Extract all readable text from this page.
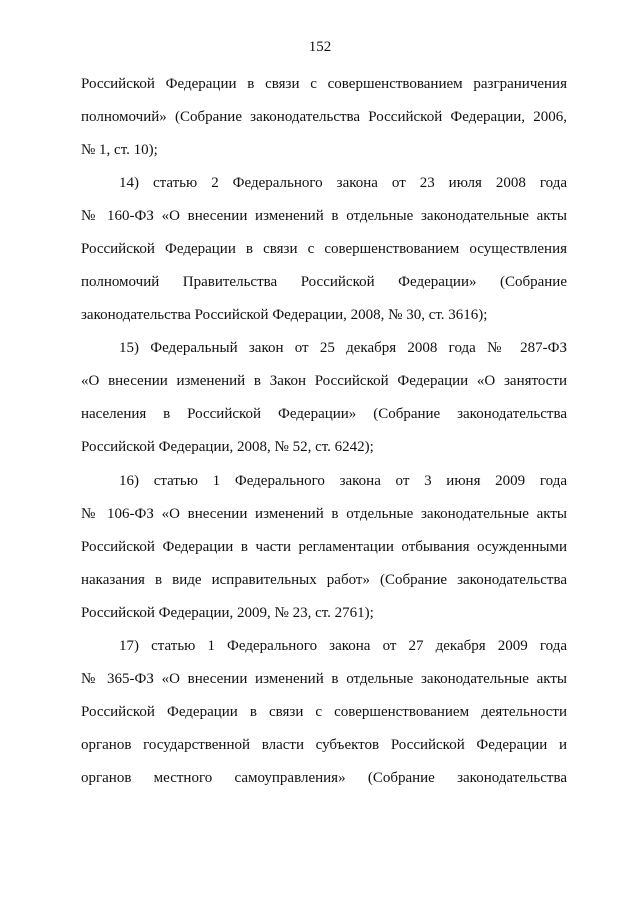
152
Российской Федерации в связи с совершенствованием разграничения
полномочий» (Собрание законодательства Российской Федерации, 2006,
№ 1, ст. 10);
14) статью 2 Федерального закона от 23 июля 2008 года
№ 160-ФЗ «О внесении изменений в отдельные законодательные акты
Российской Федерации в связи с совершенствованием осуществления
полномочий Правительства Российской Федерации» (Собрание
законодательства Российской Федерации, 2008, № 30, ст. 3616);
15) Федеральный закон от 25 декабря 2008 года № 287-ФЗ
«О внесении изменений в Закон Российской Федерации «О занятости
населения в Российской Федерации» (Собрание законодательства
Российской Федерации, 2008, № 52, ст. 6242);
16) статью 1 Федерального закона от 3 июня 2009 года
№ 106-ФЗ «О внесении изменений в отдельные законодательные акты
Российской Федерации в части регламентации отбывания осужденными
наказания в виде исправительных работ» (Собрание законодательства
Российской Федерации, 2009, № 23, ст. 2761);
17) статью 1 Федерального закона от 27 декабря 2009 года
№ 365-ФЗ «О внесении изменений в отдельные законодательные акты
Российской Федерации в связи с совершенствованием деятельности
органов государственной власти субъектов Российской Федерации и
органов местного самоуправления» (Собрание законодательства
